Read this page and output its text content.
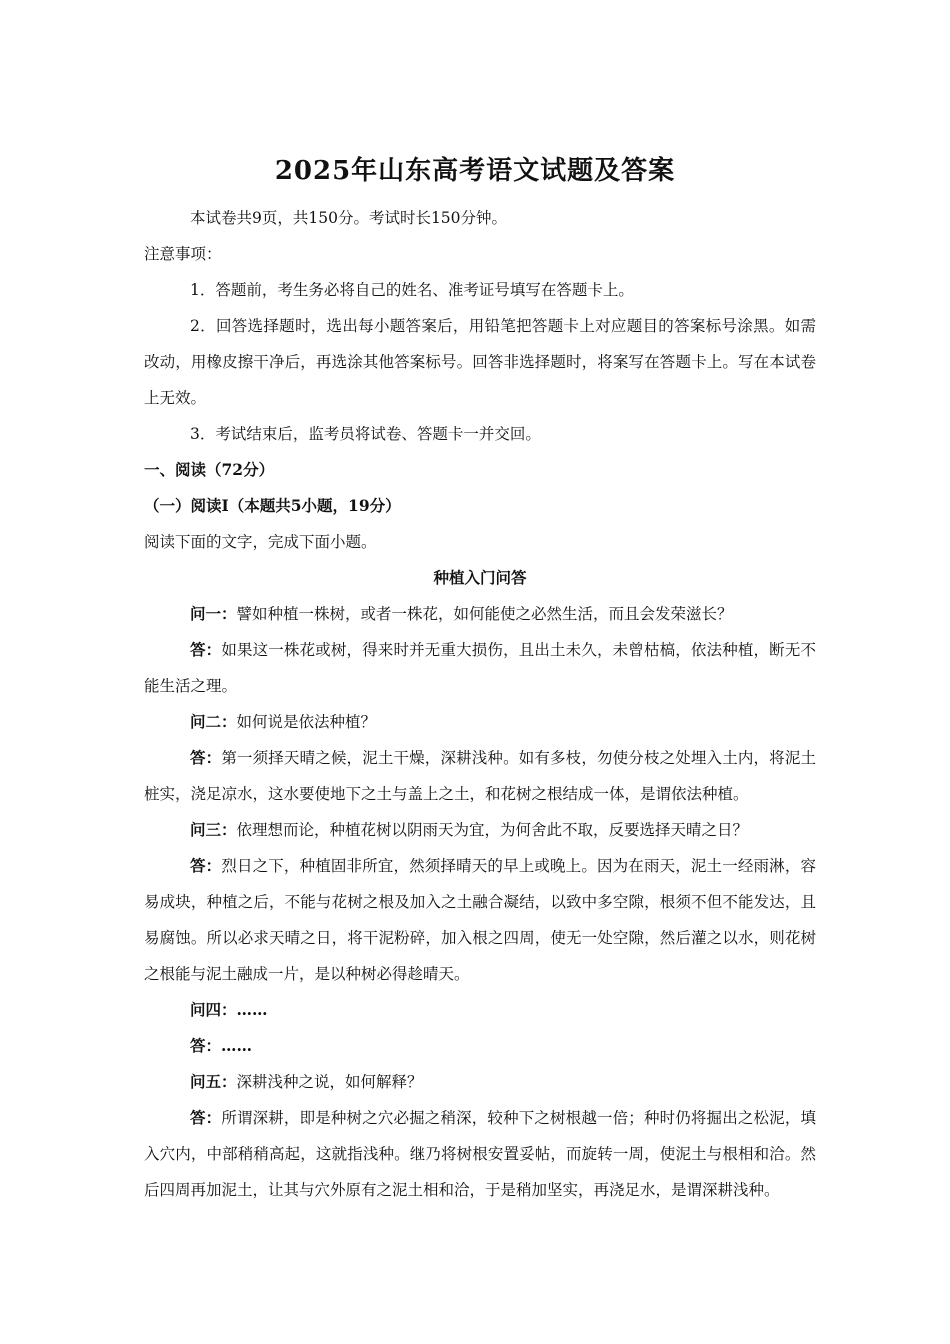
2025年山东高考语文试题及答案

本试卷共9页，共150分。考试时长150分钟。

注意事项：

1．答题前，考生务必将自己的姓名、准考证号填写在答题卡上。

2．回答选择题时，选出每小题答案后，用铅笔把答题卡上对应题目的答案标号涂黑。如需改动，用橡皮擦干净后，再选涂其他答案标号。回答非选择题时，将案写在答题卡上。写在本试卷上无效。

3．考试结束后，监考员将试卷、答题卡一并交回。

一、阅读（72分）

（一）阅读Ⅰ（本题共5小题，19分）

阅读下面的文字，完成下面小题。

种植入门问答

问一：譬如种植一株树，或者一株花，如何能使之必然生活，而且会发荣滋长？

答：如果这一株花或树，得来时并无重大损伤，且出土未久，未曾枯槁，依法种植，断无不能生活之理。

问二：如何说是依法种植？

答：第一须择天晴之候，泥土干燥，深耕浅种。如有多枝，勿使分枝之处埋入土内，将泥土桩实，浇足凉水，这水要使地下之土与盖上之土，和花树之根结成一体，是谓依法种植。

问三：依理想而论，种植花树以阴雨天为宜，为何舍此不取，反要选择天晴之日？

答：烈日之下，种植固非所宜，然须择晴天的早上或晚上。因为在雨天，泥土一经雨淋，容易成块，种植之后，不能与花树之根及加入之土融合凝结，以致中多空隙，根须不但不能发达，且易腐蚀。所以必求天晴之日，将干泥粉碎，加入根之四周，使无一处空隙，然后灌之以水，则花树之根能与泥土融成一片，是以种树必得趁晴天。

问四：……

答：……

问五：深耕浅种之说，如何解释？

答：所谓深耕，即是种树之穴必掘之稍深，较种下之树根越一倍；种时仍将掘出之松泥，填入穴内，中部稍稍高起，这就指浅种。继乃将树根安置妥帖，而旋转一周，使泥土与根相和洽。然后四周再加泥土，让其与穴外原有之泥土相和洽，于是稍加坚实，再浇足水，是谓深耕浅种。
